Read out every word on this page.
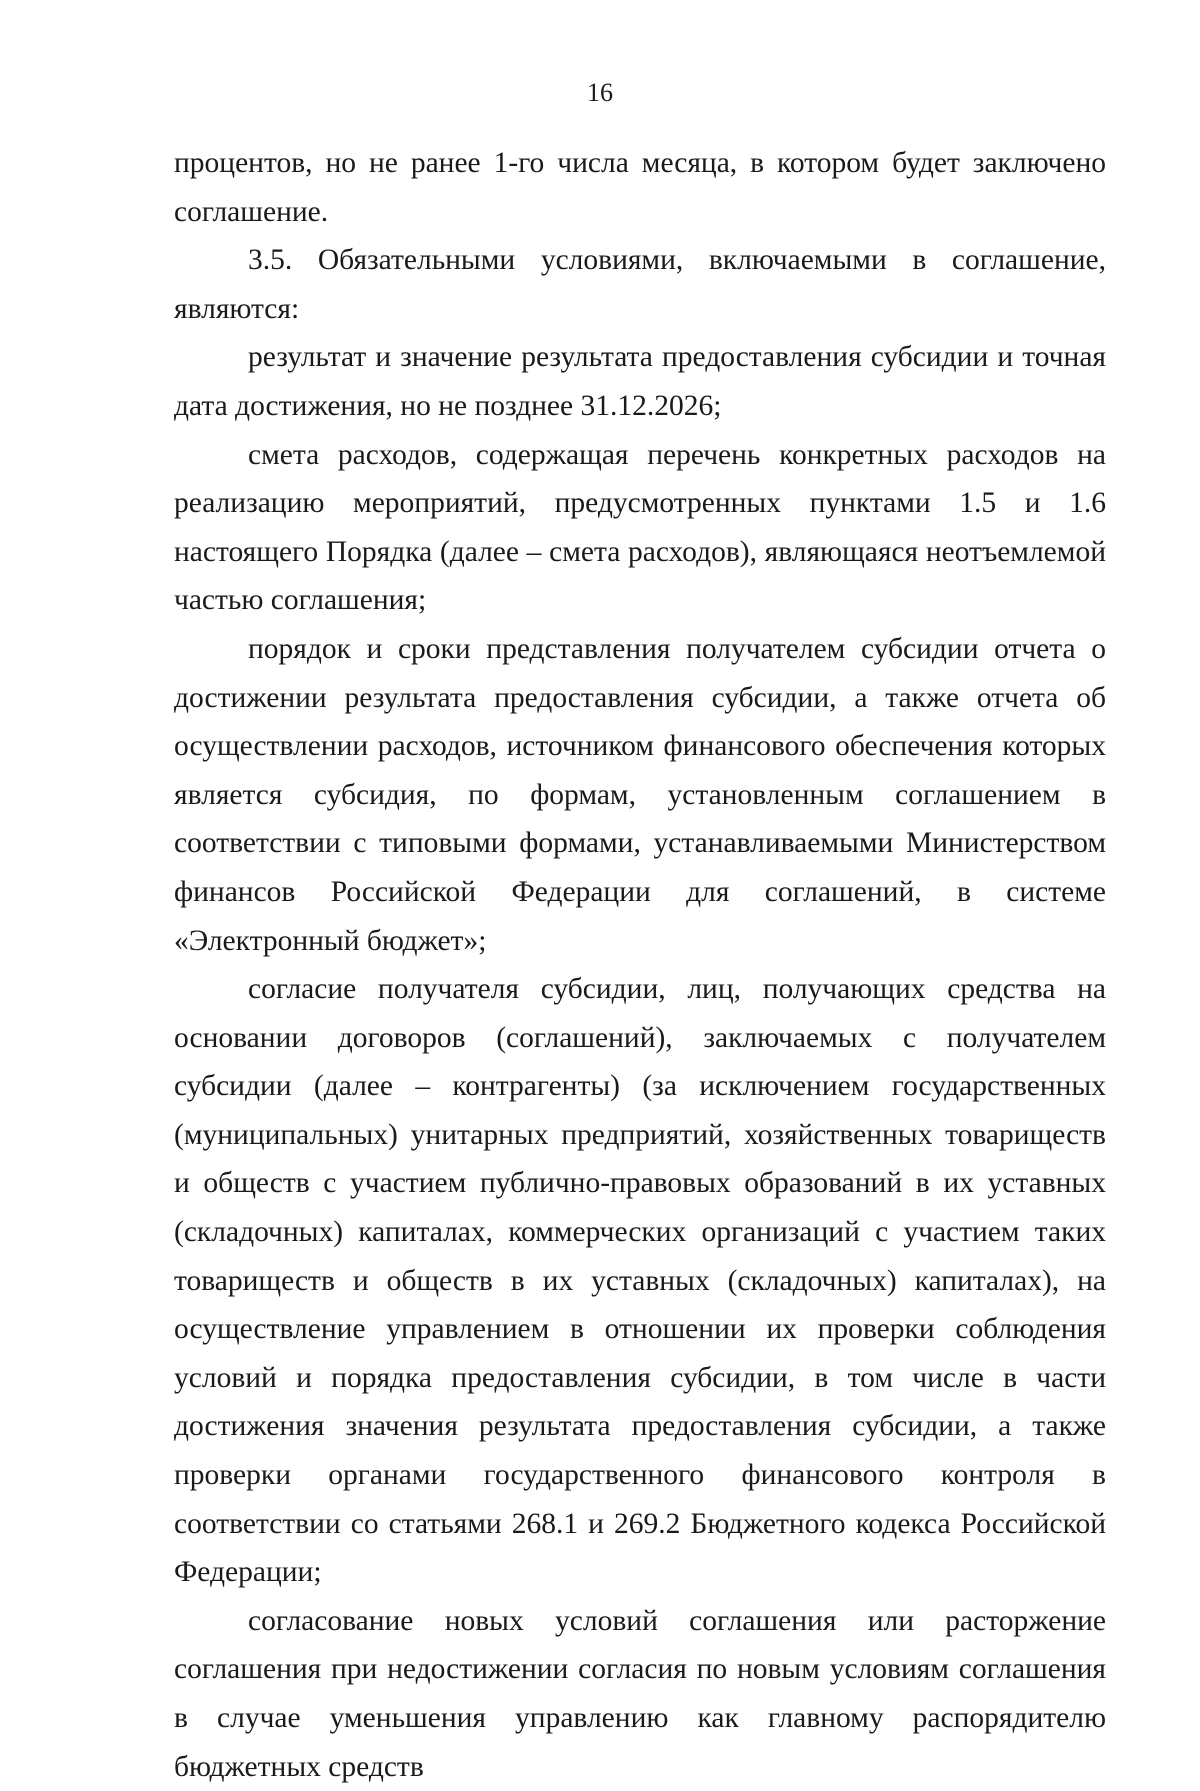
16

процентов, но не ранее 1-го числа месяца, в котором будет заключено соглашение.

3.5. Обязательными условиями, включаемыми в соглашение, являются:

результат и значение результата предоставления субсидии и точная дата достижения, но не позднее 31.12.2026;

смета расходов, содержащая перечень конкретных расходов на реализацию мероприятий, предусмотренных пунктами 1.5 и 1.6 настоящего Порядка (далее – смета расходов), являющаяся неотъемлемой частью соглашения;

порядок и сроки представления получателем субсидии отчета о достижении результата предоставления субсидии, а также отчета об осуществлении расходов, источником финансового обеспечения которых является субсидия, по формам, установленным соглашением в соответствии с типовыми формами, устанавливаемыми Министерством финансов Российской Федерации для соглашений, в системе «Электронный бюджет»;

согласие получателя субсидии, лиц, получающих средства на основании договоров (соглашений), заключаемых с получателем субсидии (далее – контрагенты) (за исключением государственных (муниципальных) унитарных предприятий, хозяйственных товариществ и обществ с участием публично-правовых образований в их уставных (складочных) капиталах, коммерческих организаций с участием таких товариществ и обществ в их уставных (складочных) капиталах), на осуществление управлением в отношении их проверки соблюдения условий и порядка предоставления субсидии, в том числе в части достижения значения результата предоставления субсидии, а также проверки органами государственного финансового контроля в соответствии со статьями 268.1 и 269.2 Бюджетного кодекса Российской Федерации;

согласование новых условий соглашения или расторжение соглашения при недостижении согласия по новым условиям соглашения в случае уменьшения управлению как главному распорядителю бюджетных средств
